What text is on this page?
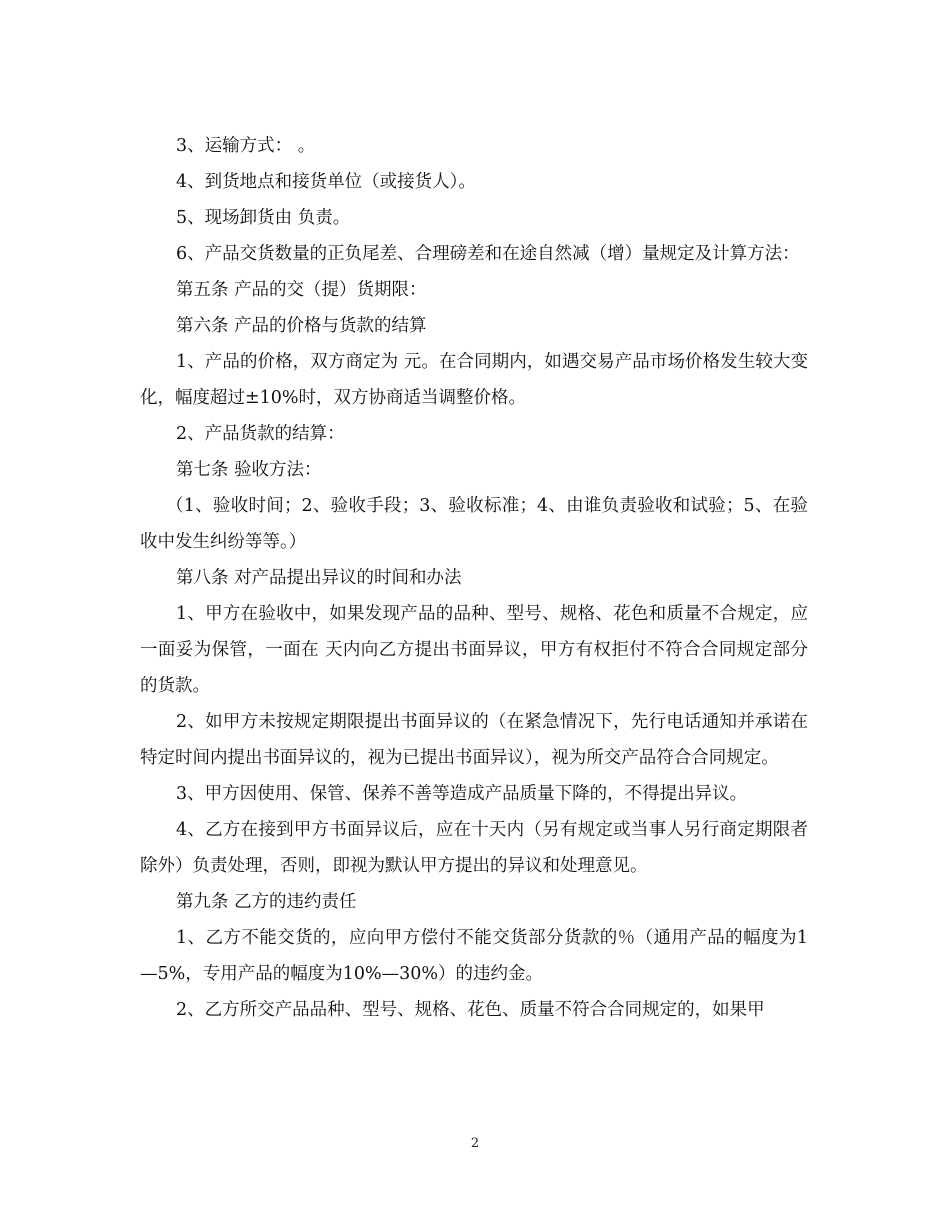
3、运输方式： 。

4、到货地点和接货单位（或接货人）。

5、现场卸货由 负责。

6、产品交货数量的正负尾差、合理磅差和在途自然减（增）量规定及计算方法：

第五条 产品的交（提）货期限：

第六条 产品的价格与货款的结算

1、产品的价格，双方商定为 元。在合同期内，如遇交易产品市场价格发生较大变化，幅度超过±10%时，双方协商适当调整价格。

2、产品货款的结算：

第七条 验收方法：

（1、验收时间；2、验收手段；3、验收标准；4、由谁负责验收和试验；5、在验收中发生纠纷等等。）

第八条 对产品提出异议的时间和办法

1、甲方在验收中，如果发现产品的品种、型号、规格、花色和质量不合规定，应一面妥为保管，一面在 天内向乙方提出书面异议，甲方有权拒付不符合合同规定部分的货款。

2、如甲方未按规定期限提出书面异议的（在紧急情况下，先行电话通知并承诺在特定时间内提出书面异议的，视为已提出书面异议），视为所交产品符合合同规定。

3、甲方因使用、保管、保养不善等造成产品质量下降的，不得提出异议。

4、乙方在接到甲方书面异议后，应在十天内（另有规定或当事人另行商定期限者除外）负责处理，否则，即视为默认甲方提出的异议和处理意见。

第九条 乙方的违约责任

1、乙方不能交货的，应向甲方偿付不能交货部分货款的％（通用产品的幅度为1—5%，专用产品的幅度为10%—30%）的违约金。

2、乙方所交产品品种、型号、规格、花色、质量不符合合同规定的，如果甲

2
